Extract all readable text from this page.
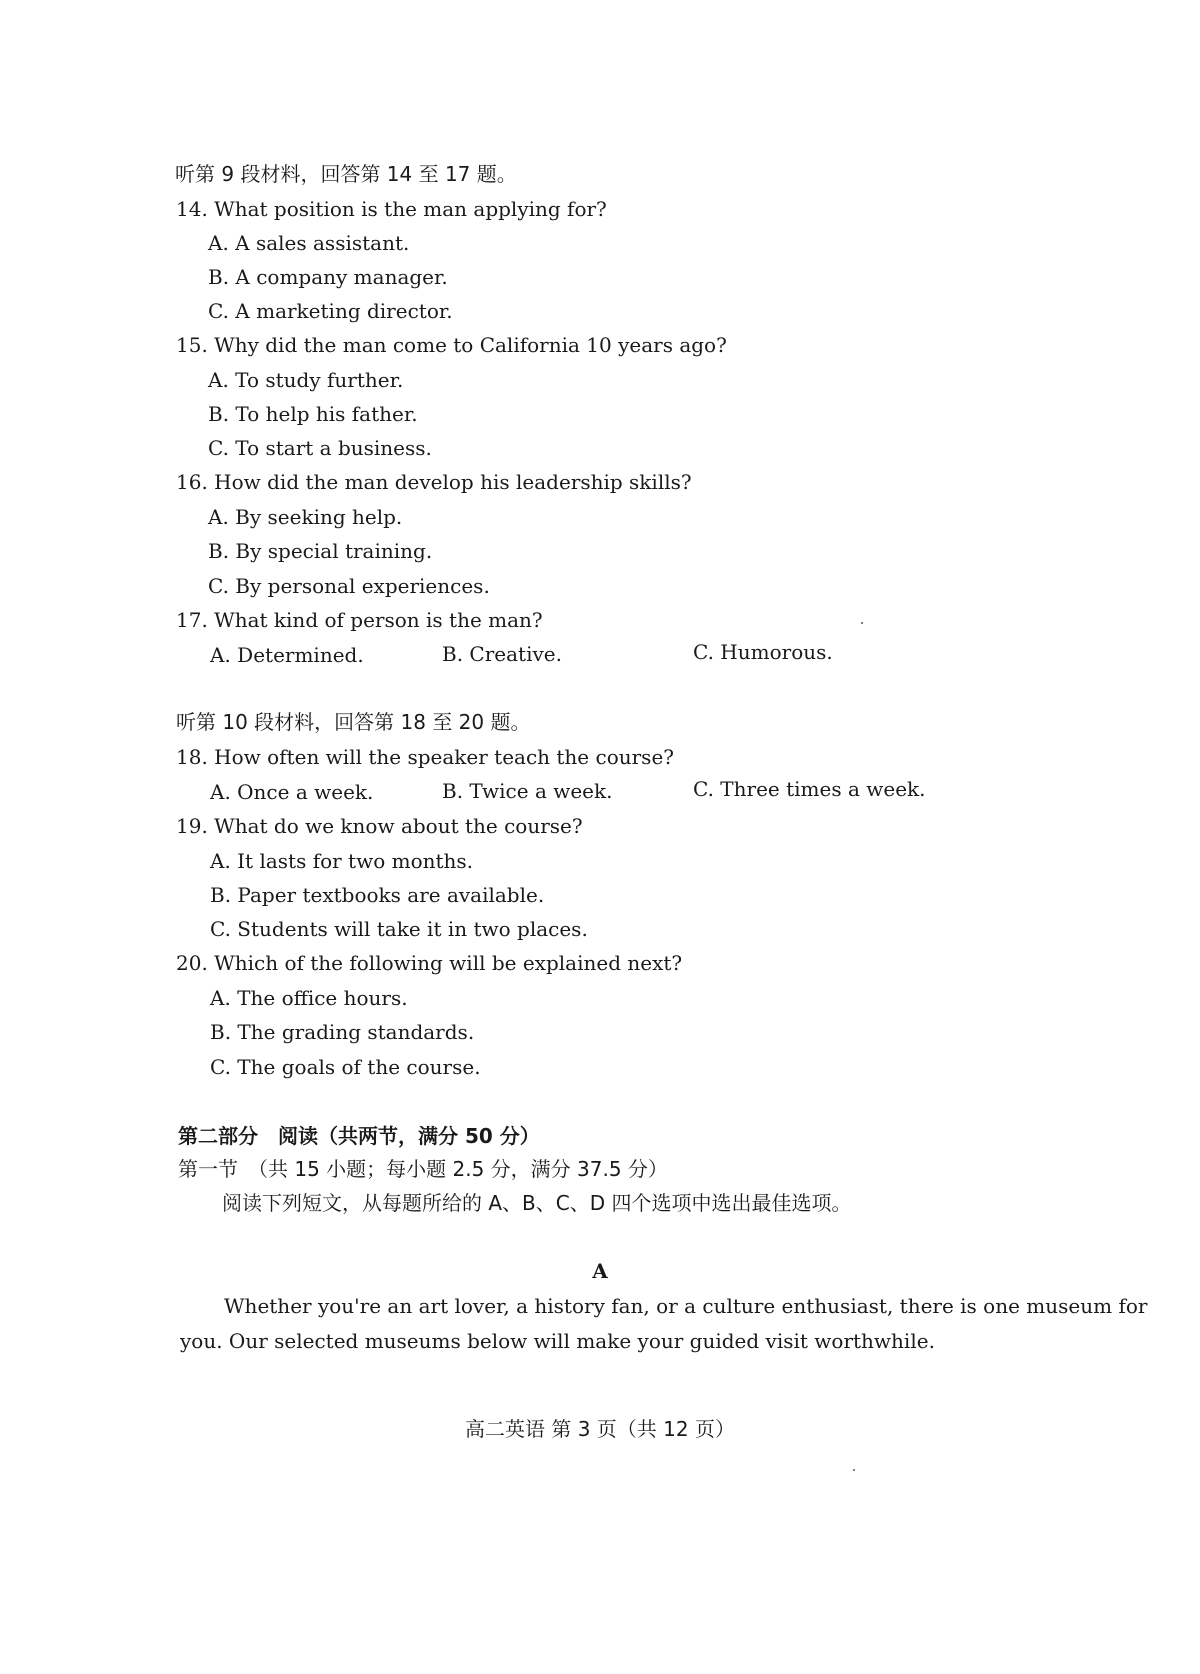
听第 9 段材料，回答第 14 至 17 题。
14. What position is the man applying for?
A. A sales assistant.
B. A company manager.
C. A marketing director.
15. Why did the man come to California 10 years ago?
A. To study further.
B. To help his father.
C. To start a business.
16. How did the man develop his leadership skills?
A. By seeking help.
B. By special training.
C. By personal experiences.
17. What kind of person is the man?
A. Determined.	B. Creative.	C. Humorous.
听第 10 段材料，回答第 18 至 20 题。
18. How often will the speaker teach the course?
A. Once a week.	B. Twice a week.	C. Three times a week.
19. What do we know about the course?
A. It lasts for two months.
B. Paper textbooks are available.
C. Students will take it in two places.
20. Which of the following will be explained next?
A. The office hours.
B. The grading standards.
C. The goals of the course.
第二部分　阅读（共两节，满分 50 分）
第一节　（共 15 小题；每小题 2.5 分，满分 37.5 分）
阅读下列短文，从每题所给的 A、B、C、D 四个选项中选出最佳选项。
A
Whether you're an art lover, a history fan, or a culture enthusiast, there is one museum for
you. Our selected museums below will make your guided visit worthwhile.
高二英语 第 3 页（共 12 页）
